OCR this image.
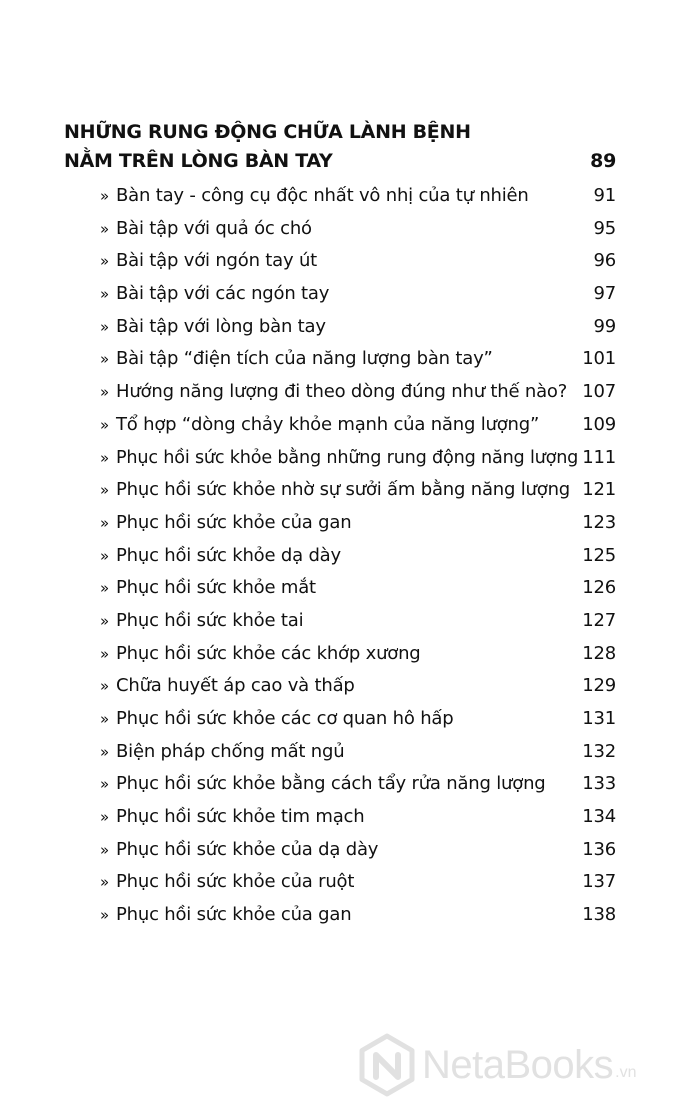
NHỮNG RUNG ĐỘNG CHỮA LÀNH BỆNH
NẰM TRÊN LÒNG BÀN TAY	89
» Bàn tay - công cụ độc nhất vô nhị của tự nhiên	91
» Bài tập với quả óc chó	95
» Bài tập với ngón tay út	96
» Bài tập với các ngón tay	97
» Bài tập với lòng bàn tay	99
» Bài tập “điện tích của năng lượng bàn tay”	101
» Hướng năng lượng đi theo dòng đúng như thế nào? 107
» Tổ hợp “dòng chảy khỏe mạnh của năng lượng” 109
» Phục hồi sức khỏe bằng những rung động năng lượng 111
» Phục hồi sức khỏe nhờ sự sưởi ấm bằng năng lượng 121
» Phục hồi sức khỏe của gan	123
» Phục hồi sức khỏe dạ dày	125
» Phục hồi sức khỏe mắt	126
» Phục hồi sức khỏe tai	127
» Phục hồi sức khỏe các khớp xương	128
» Chữa huyết áp cao và thấp	129
» Phục hồi sức khỏe các cơ quan hô hấp	131
» Biện pháp chống mất ngủ	132
» Phục hồi sức khỏe bằng cách tẩy rửa năng lượng 133
» Phục hồi sức khỏe tim mạch	134
» Phục hồi sức khỏe của dạ dày	136
» Phục hồi sức khỏe của ruột	137
» Phục hồi sức khỏe của gan	138
NetaBooks .vn
